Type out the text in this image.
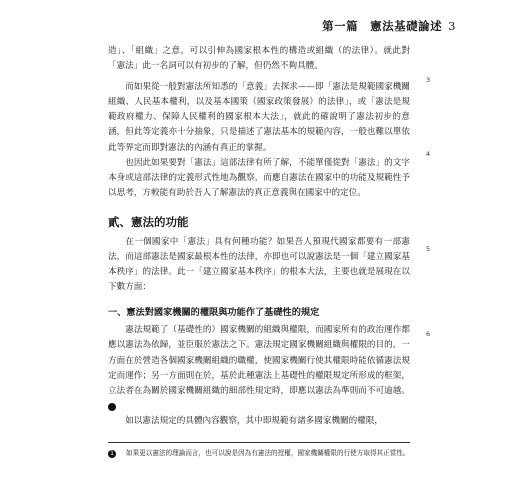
第一篇　憲法基礎論述 3
3
4
5
6

造」、「組織」之意，可以引伸為國家根本性的構造或組織（的法律）。就此對「憲法」此一名詞可以有初步的了解，但仍然不夠具體。

而如果從一般對憲法所知悉的「意義」去探求——即「憲法是規範國家機關組織、人民基本權利，以及基本國策（國家政策發展）的法律」，或「憲法是規範政府權力、保障人民權利的國家根本大法」，就此的確說明了憲法初步的意涵，但此等定義亦十分抽象，只是描述了憲法基本的規範內容，一般也難以單依此等界定而即對憲法的內涵有真正的掌握。

也因此如果要對「憲法」這部法律有所了解，不能單僅從對「憲法」的文字本身或這部法律的定義形式性地為觀察，而應自憲法在國家中的功能及規範性予以思考，方較能有助於吾人了解憲法的真正意義與在國家中的定位。

貳、憲法的功能

在一個國家中「憲法」具有何種功能？如果吾人預現代國家都要有一部憲法，而這部憲法是國家最根本性的法律，亦即也可以說憲法是一個「建立國家基本秩序」的法律。此一「建立國家基本秩序」的根本大法，主要也就是展現在以下數方面：

一、憲法對國家機關的權限與功能作了基礎性的規定

憲法規範了（基礎性的）國家機關的組織與權限，而國家所有的政治運作都應以憲法為依歸，並臣服於憲法之下。憲法規定國家機關組織與權限的目的，一方面在於營造各個國家機關組織的職權，使國家機關行使其權限時能依循憲法規定而運作；另一方面則在於，基於此種憲法上基礎性的權限規定所形成的框架，立法者在為關於國家機關組織的細部性規定時，即應以憲法為準則而不可逾越。1

如以憲法規定的具體內容觀察，其中即規範有諸多國家機關的權限，

1 如果更以憲法的理論而言，也可以說是因為有憲法的授權，國家機關權限的行使方取得其正當性。
